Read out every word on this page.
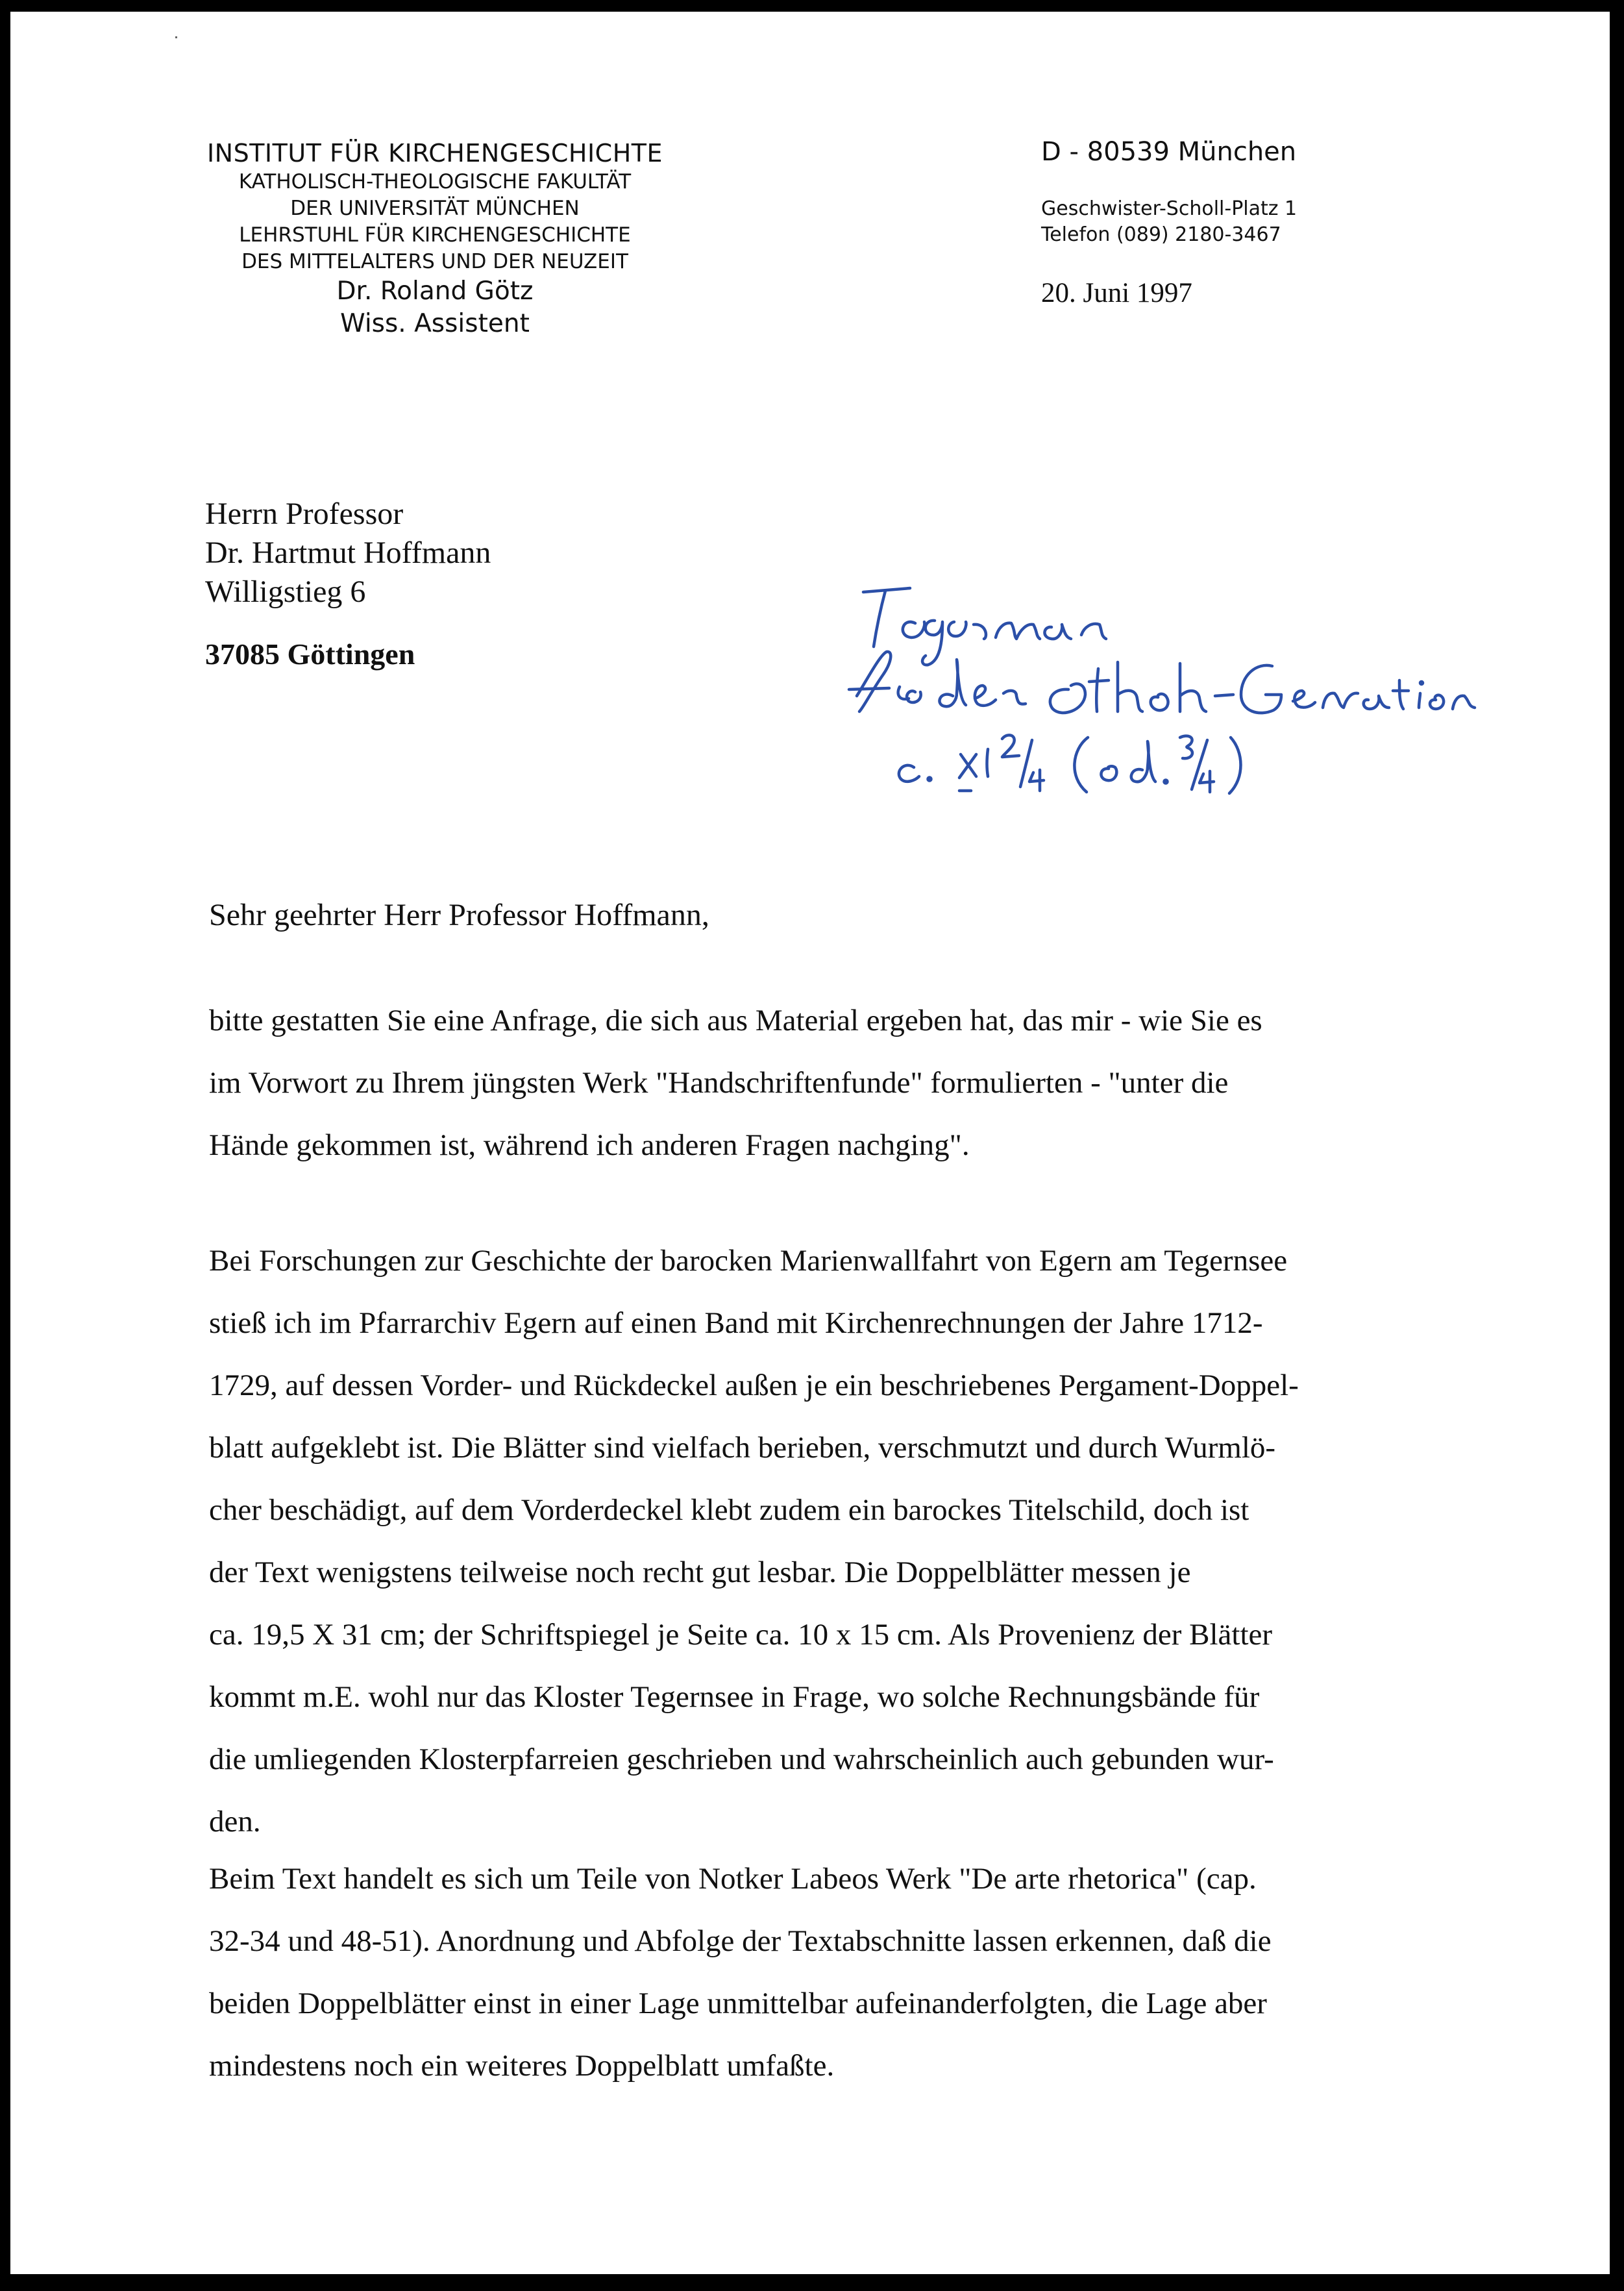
INSTITUT FÜR KIRCHENGESCHICHTE
KATHOLISCH-THEOLOGISCHE FAKULTÄT
DER UNIVERSITÄT MÜNCHEN
LEHRSTUHL FÜR KIRCHENGESCHICHTE
DES MITTELALTERS UND DER NEUZEIT
Dr. Roland Götz
Wiss. Assistent
D - 80539 München
Geschwister-Scholl-Platz 1
Telefon (089) 2180-3467
20. Juni 1997
Herrn Professor
Dr. Hartmut Hoffmann
Willigstieg 6
37085 Göttingen
Sehr geehrter Herr Professor Hoffmann,
bitte gestatten Sie eine Anfrage, die sich aus Material ergeben hat, das mir - wie Sie es
im Vorwort zu Ihrem jüngsten Werk "Handschriftenfunde" formulierten - "unter die
Hände gekommen ist, während ich anderen Fragen nachging".
Bei Forschungen zur Geschichte der barocken Marienwallfahrt von Egern am Tegernsee
stieß ich im Pfarrarchiv Egern auf einen Band mit Kirchenrechnungen der Jahre 1712-
1729, auf dessen Vorder- und Rückdeckel außen je ein beschriebenes Pergament-Doppel-
blatt aufgeklebt ist. Die Blätter sind vielfach berieben, verschmutzt und durch Wurmlö-
cher beschädigt, auf dem Vorderdeckel klebt zudem ein barockes Titelschild, doch ist
der Text wenigstens teilweise noch recht gut lesbar. Die Doppelblätter messen je
ca. 19,5 X 31 cm; der Schriftspiegel je Seite ca. 10 x 15 cm. Als Provenienz der Blätter
kommt m.E. wohl nur das Kloster Tegernsee in Frage, wo solche Rechnungsbände für
die umliegenden Klosterpfarreien geschrieben und wahrscheinlich auch gebunden wur-
den.
Beim Text handelt es sich um Teile von Notker Labeos Werk "De arte rhetorica" (cap.
32-34 und 48-51). Anordnung und Abfolge der Textabschnitte lassen erkennen, daß die
beiden Doppelblätter einst in einer Lage unmittelbar aufeinanderfolgten, die Lage aber
mindestens noch ein weiteres Doppelblatt umfaßte.
